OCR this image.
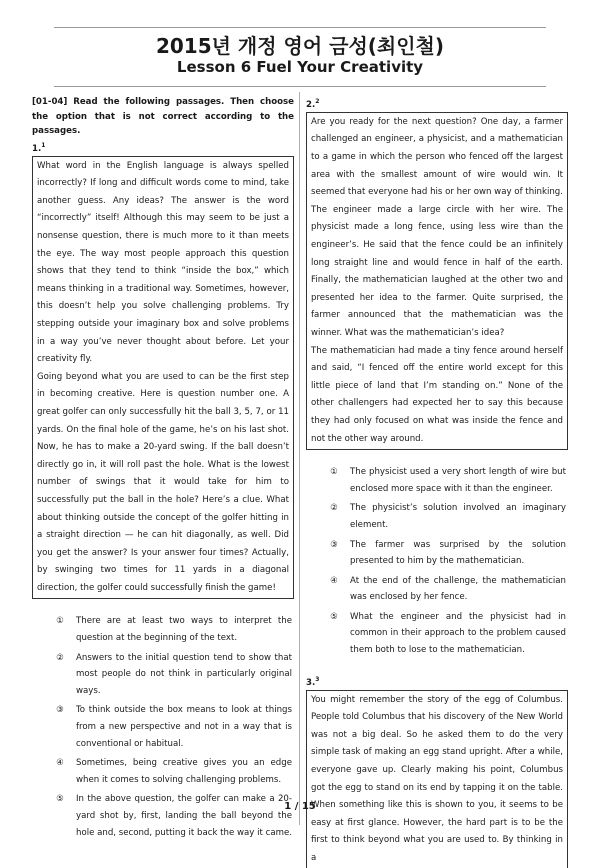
2015년 개정 영어 금성(최인철)
Lesson 6 Fuel Your Creativity
[01-04] Read the following passages. Then choose the option that is not correct according to the passages.
1.$^1$

What word in the English language is always spelled incorrectly? If long and difficult words come to mind, take another guess. Any ideas? The answer is the word “incorrectly” itself! Although this may seem to be just a nonsense question, there is much more to it than meets the eye. The way most people approach this question shows that they tend to think “inside the box,” which means thinking in a traditional way. Sometimes, however, this doesn’t help you solve challenging problems. Try stepping outside your imaginary box and solve problems in a way you’ve never thought about before. Let your creativity fly.

Going beyond what you are used to can be the first step in becoming creative. Here is question number one. A great golfer can only successfully hit the ball 3, 5, 7, or 11 yards. On the final hole of the game, he’s on his last shot. Now, he has to make a 20-yard swing. If the ball doesn’t directly go in, it will roll past the hole. What is the lowest number of swings that it would take for him to successfully put the ball in the hole? Here’s a clue. What about thinking outside the concept of the golfer hitting in a straight direction — he can hit diagonally, as well. Did you get the answer? Is your answer four times? Actually, by swinging two times for 11 yards in a diagonal direction, the golfer could successfully finish the game!

①	There are at least two ways to interpret the question at the beginning of the text.
②	Answers to the initial question tend to show that most people do not think in particularly original ways.
③	To think outside the box means to look at things from a new perspective and not in a way that is conventional or habitual.
④	Sometimes, being creative gives you an edge when it comes to solving challenging problems.
⑤	In the above question, the golfer can make a 20-yard shot by, first, landing the ball beyond the hole and, second, putting it back the way it came.
2.$^2$

Are you ready for the next question? One day, a farmer challenged an engineer, a physicist, and a mathematician to a game in which the person who fenced off the largest area with the smallest amount of wire would win. It seemed that everyone had his or her own way of thinking. The engineer made a large circle with her wire. The physicist made a long fence, using less wire than the engineer’s. He said that the fence could be an infinitely long straight line and would fence in half of the earth. Finally, the mathematician laughed at the other two and presented her idea to the farmer. Quite surprised, the farmer announced that the mathematician was the winner. What was the mathematician’s idea?

The mathematician had made a tiny fence around herself and said, “I fenced off the entire world except for this little piece of land that I’m standing on.” None of the other challengers had expected her to say this because they had only focused on what was inside the fence and not the other way around.

①	The physicist used a very short length of wire but enclosed more space with it than the engineer.
②	The physicist’s solution involved an imaginary element.
③	The farmer was surprised by the solution presented to him by the mathematician.
④	At the end of the challenge, the mathematician was enclosed by her fence.
⑤	What the engineer and the physicist had in common in their approach to the problem caused them both to lose to the mathematician.
3.$^3$

You might remember the story of the egg of Columbus. People told Columbus that his discovery of the New World was not a big deal. So he asked them to do the very simple task of making an egg stand upright. After a while, everyone gave up. Clearly making his point, Columbus got the egg to stand on its end by tapping it on the table. When something like this is shown to you, it seems to be easy at first glance. However, the hard part is to be the first to think beyond what you are used to. By thinking in a

1 / 15
